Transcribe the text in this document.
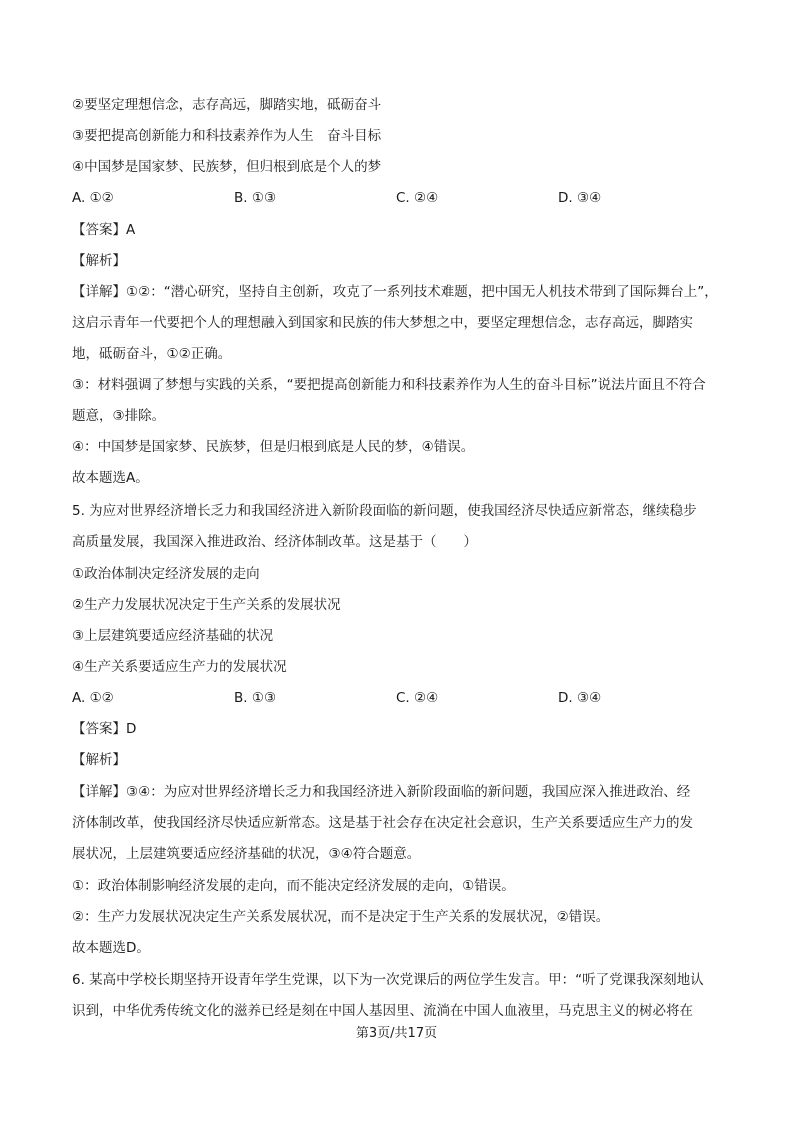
②要坚定理想信念，志存高远，脚踏实地，砥砺奋斗
③要把提高创新能力和科技素养作为人生　奋斗目标
④中国梦是国家梦、民族梦，但归根到底是个人的梦
A. ①②	B. ①③	C. ②④	D. ③④
【答案】A
【解析】
【详解】①②：“潜心研究，坚持自主创新，攻克了一系列技术难题，把中国无人机技术带到了国际舞台上”，
这启示青年一代要把个人的理想融入到国家和民族的伟大梦想之中，要坚定理想信念，志存高远，脚踏实
地，砥砺奋斗，①②正确。
③：材料强调了梦想与实践的关系，“要把提高创新能力和科技素养作为人生的奋斗目标”说法片面且不符合
题意，③排除。
④：中国梦是国家梦、民族梦，但是归根到底是人民的梦，④错误。
故本题选A。
5. 为应对世界经济增长乏力和我国经济进入新阶段面临的新问题，使我国经济尽快适应新常态，继续稳步
高质量发展，我国深入推进政治、经济体制改革。这是基于（　　）
①政治体制决定经济发展的走向
②生产力发展状况决定于生产关系的发展状况
③上层建筑要适应经济基础的状况
④生产关系要适应生产力的发展状况
A. ①②	B. ①③	C. ②④	D. ③④
【答案】D
【解析】
【详解】③④：为应对世界经济增长乏力和我国经济进入新阶段面临的新问题，我国应深入推进政治、经
济体制改革，使我国经济尽快适应新常态。这是基于社会存在决定社会意识，生产关系要适应生产力的发
展状况，上层建筑要适应经济基础的状况，③④符合题意。
①：政治体制影响经济发展的走向，而不能决定经济发展的走向，①错误。
②：生产力发展状况决定生产关系发展状况，而不是决定于生产关系的发展状况，②错误。
故本题选D。
6. 某高中学校长期坚持开设青年学生党课，以下为一次党课后的两位学生发言。甲：“听了党课我深刻地认
识到，中华优秀传统文化的滋养已经是刻在中国人基因里、流淌在中国人血液里，马克思主义的树必将在
第3页/共17页
